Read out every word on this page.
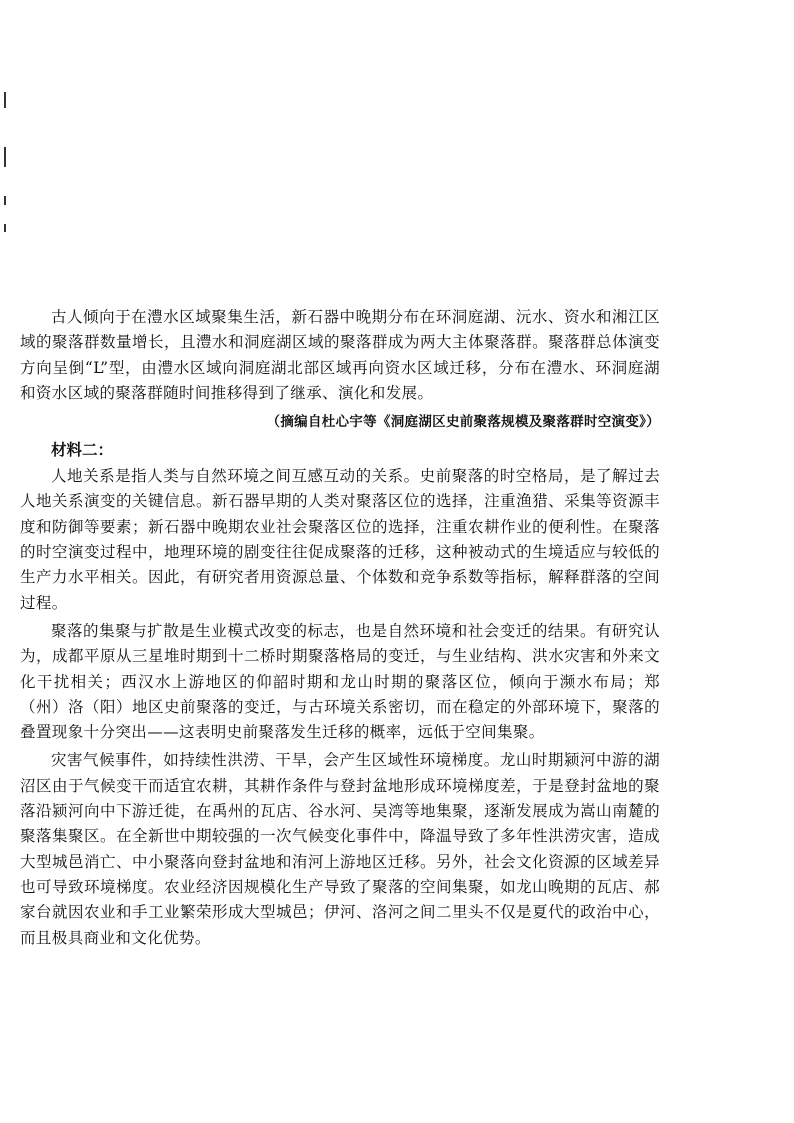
古人倾向于在澧水区域聚集生活，新石器中晚期分布在环洞庭湖、沅水、资水和湘江区域的聚落群数量增长，且澧水和洞庭湖区域的聚落群成为两大主体聚落群。聚落群总体演变方向呈倒“L”型，由澧水区域向洞庭湖北部区域再向资水区域迁移，分布在澧水、环洞庭湖和资水区域的聚落群随时间推移得到了继承、演化和发展。

（摘编自杜心宇等《洞庭湖区史前聚落规模及聚落群时空演变》）

材料二：

人地关系是指人类与自然环境之间互感互动的关系。史前聚落的时空格局，是了解过去人地关系演变的关键信息。新石器早期的人类对聚落区位的选择，注重渔猎、采集等资源丰度和防御等要素；新石器中晚期农业社会聚落区位的选择，注重农耕作业的便利性。在聚落的时空演变过程中，地理环境的剧变往往促成聚落的迁移，这种被动式的生境适应与较低的生产力水平相关。因此，有研究者用资源总量、个体数和竞争系数等指标，解释群落的空间过程。

聚落的集聚与扩散是生业模式改变的标志，也是自然环境和社会变迁的结果。有研究认为，成都平原从三星堆时期到十二桥时期聚落格局的变迁，与生业结构、洪水灾害和外来文化干扰相关；西汉水上游地区的仰韶时期和龙山时期的聚落区位，倾向于濒水布局；郑（州）洛（阳）地区史前聚落的变迁，与古环境关系密切，而在稳定的外部环境下，聚落的叠置现象十分突出——这表明史前聚落发生迁移的概率，远低于空间集聚。

灾害气候事件，如持续性洪涝、干旱，会产生区域性环境梯度。龙山时期颍河中游的湖沼区由于气候变干而适宜农耕，其耕作条件与登封盆地形成环境梯度差，于是登封盆地的聚落沿颍河向中下游迁徙，在禹州的瓦店、谷水河、吴湾等地集聚，逐渐发展成为嵩山南麓的聚落集聚区。在全新世中期较强的一次气候变化事件中，降温导致了多年性洪涝灾害，造成大型城邑消亡、中小聚落向登封盆地和洧河上游地区迁移。另外，社会文化资源的区域差异也可导致环境梯度。农业经济因规模化生产导致了聚落的空间集聚，如龙山晚期的瓦店、郝家台就因农业和手工业繁荣形成大型城邑；伊河、洛河之间二里头不仅是夏代的政治中心，而且极具商业和文化优势。
